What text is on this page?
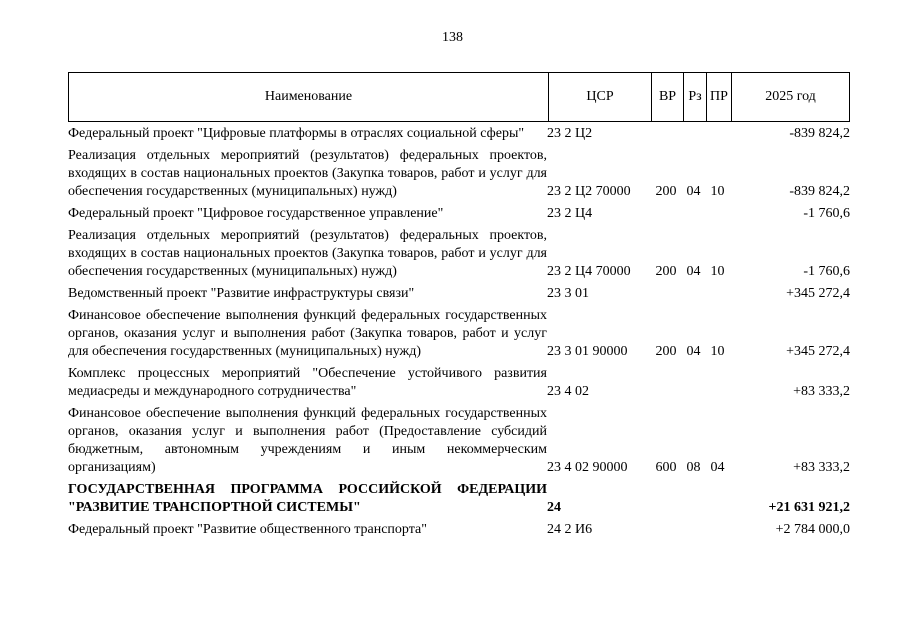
138
Наименование	ЦСР	ВР Рз ПР	2025 год
Федеральный проект "Цифровые платформы в отраслях социальной сферы"	23 2 Ц2				-839 824,2
Реализация отдельных мероприятий (результатов) федеральных проектов, входящих в состав национальных проектов (Закупка товаров, работ и услуг для обеспечения государственных (муниципальных) нужд)	23 2 Ц2 70000	200	04	10	-839 824,2
Федеральный проект "Цифровое государственное управление"	23 2 Ц4				-1 760,6
Реализация отдельных мероприятий (результатов) федеральных проектов, входящих в состав национальных проектов (Закупка товаров, работ и услуг для обеспечения государственных (муниципальных) нужд)	23 2 Ц4 70000	200	04	10	-1 760,6
Ведомственный проект "Развитие инфраструктуры связи"	23 3 01				+345 272,4
Финансовое обеспечение выполнения функций федеральных государственных органов, оказания услуг и выполнения работ (Закупка товаров, работ и услуг для обеспечения государственных (муниципальных) нужд)	23 3 01 90000	200	04	10	+345 272,4
Комплекс процессных мероприятий "Обеспечение устойчивого развития медиасреды и международного сотрудничества"	23 4 02				+83 333,2
Финансовое обеспечение выполнения функций федеральных государственных органов, оказания услуг и выполнения работ (Предоставление субсидий бюджетным, автономным учреждениям и иным некоммерческим организациям)	23 4 02 90000	600	08	04	+83 333,2
ГОСУДАРСТВЕННАЯ ПРОГРАММА РОССИЙСКОЙ ФЕДЕРАЦИИ "РАЗВИТИЕ ТРАНСПОРТНОЙ СИСТЕМЫ"	24				+21 631 921,2
Федеральный проект "Развитие общественного транспорта"	24 2 И6				+2 784 000,0
